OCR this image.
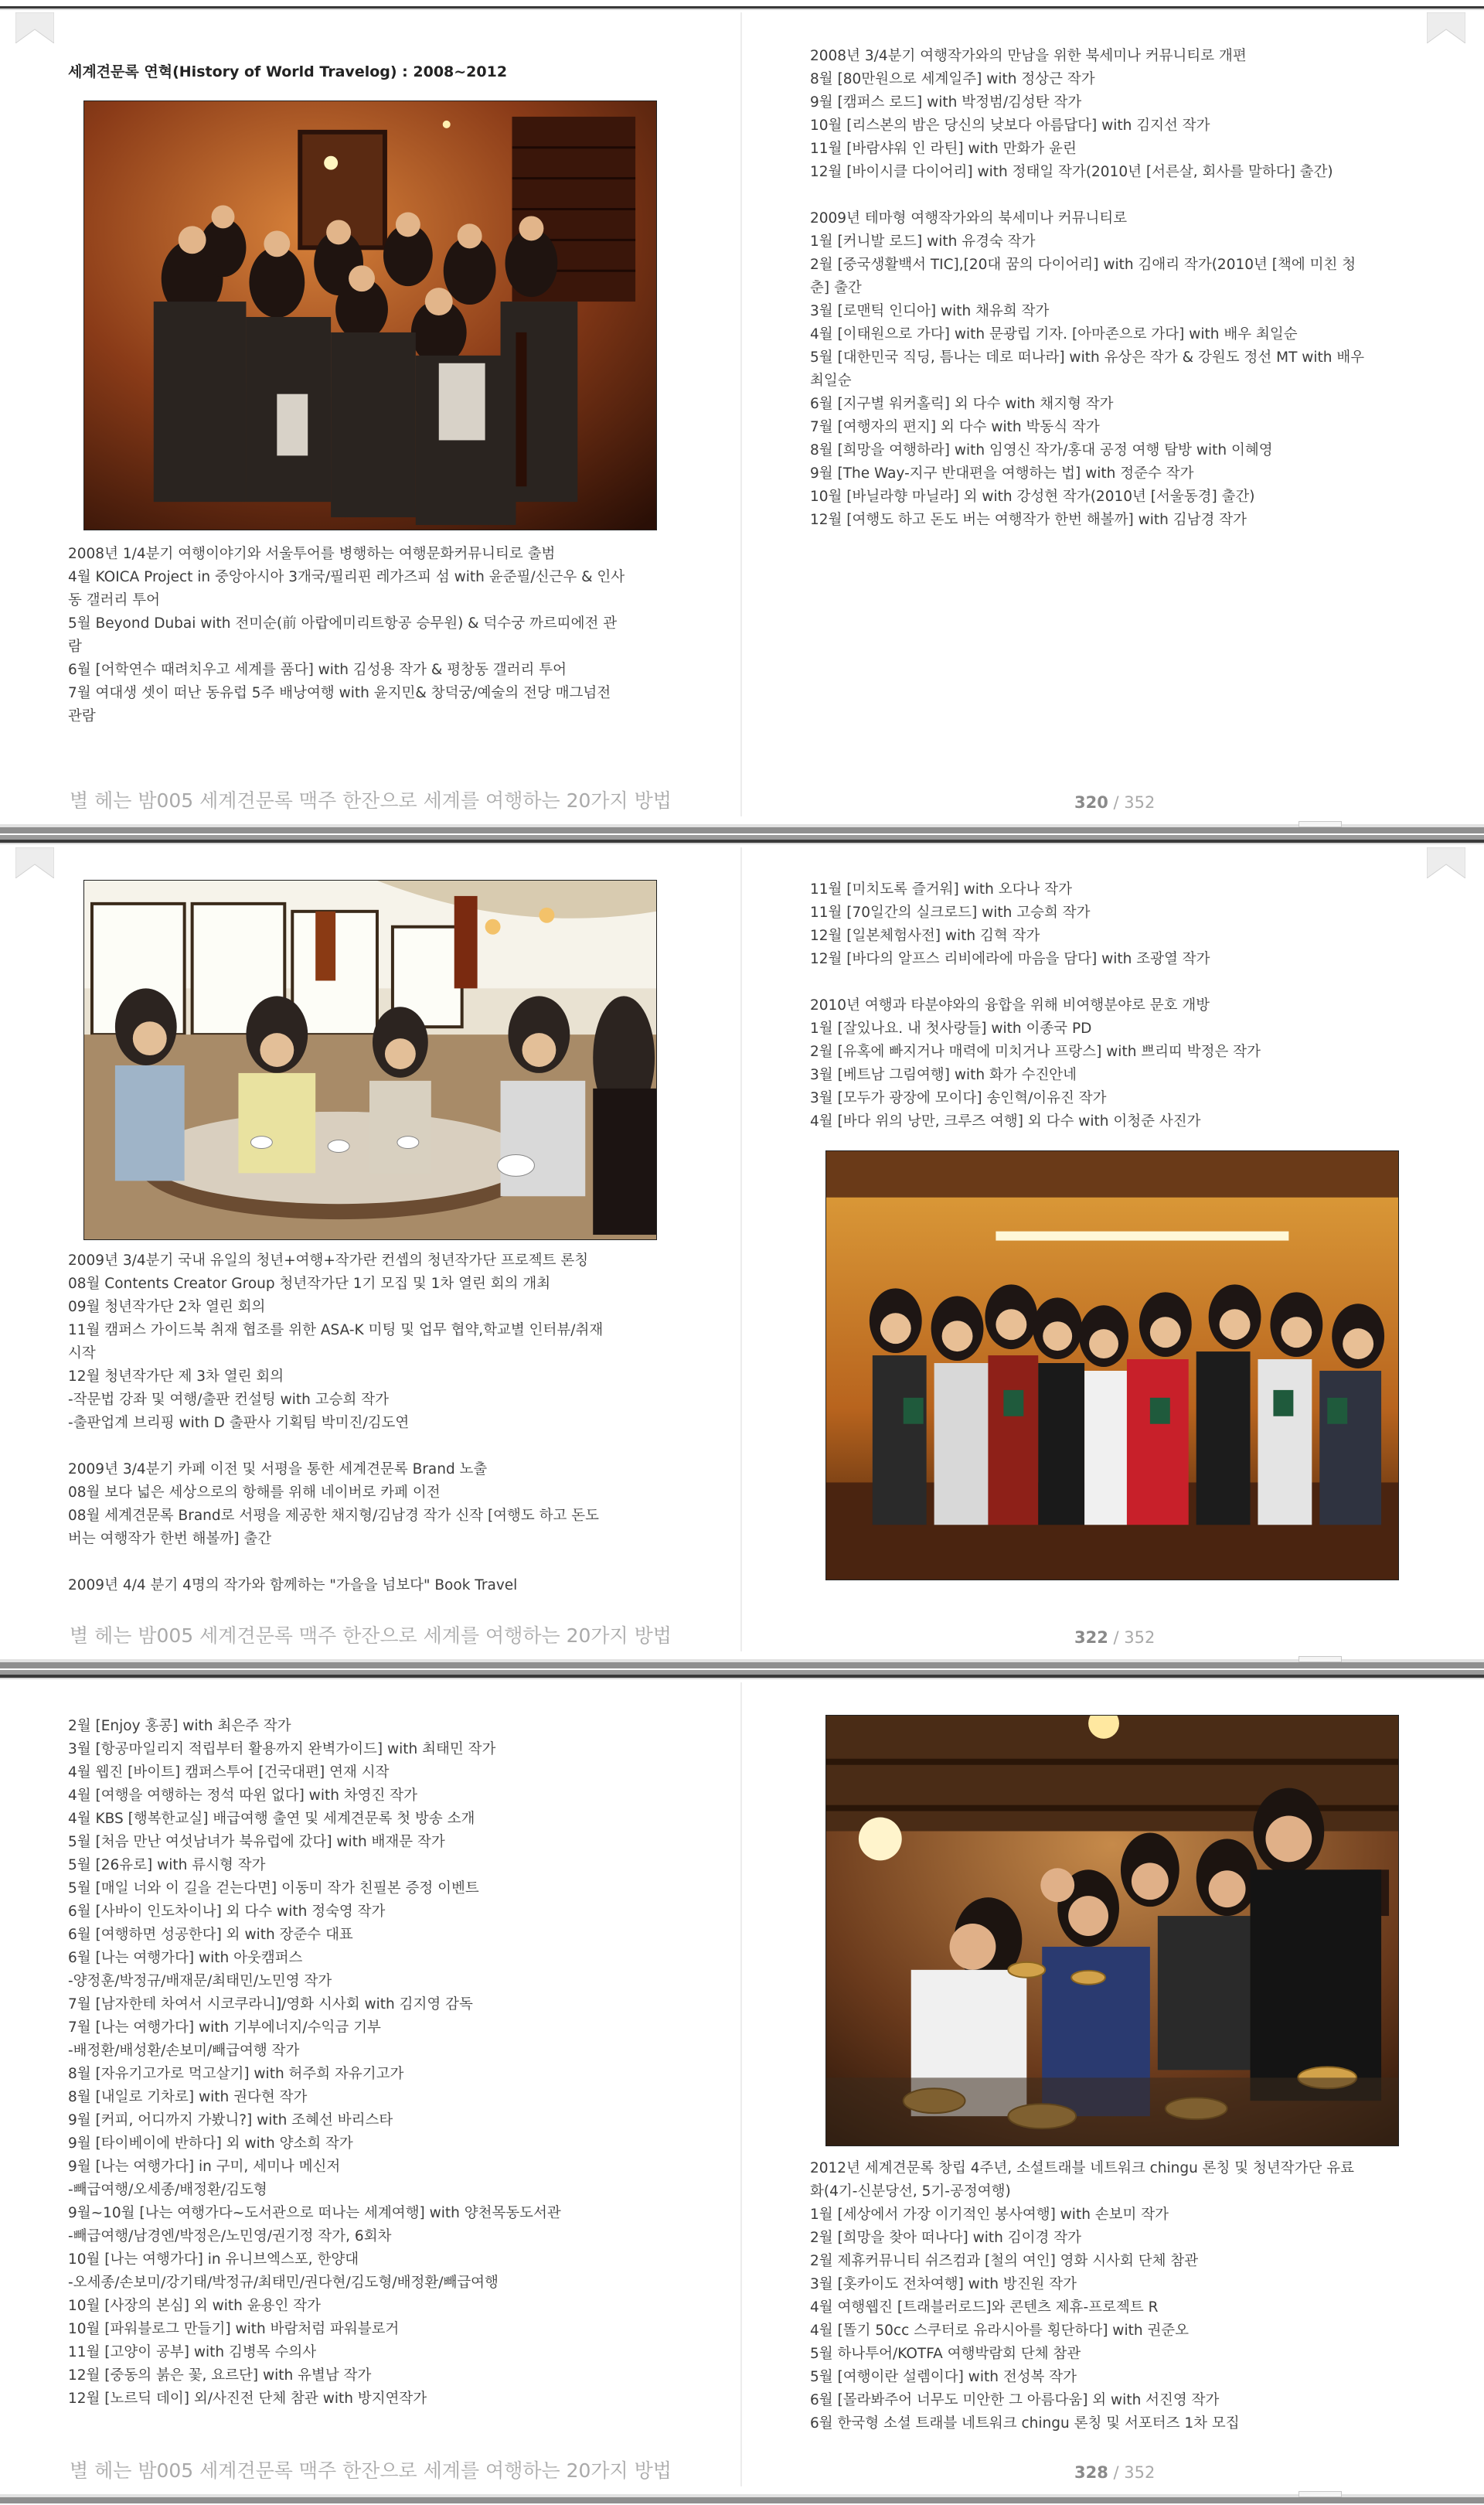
세계견문록 연혁(History of World Travelog) : 2008~2012
2008년 1/4분기 여행이야기와 서울투어를 병행하는 여행문화커뮤니티로 출범
4월 KOICA Project in 중앙아시아 3개국/필리핀 레가즈피 섬 with 윤준필/신근우 & 인사
동 갤러리 투어
5월 Beyond Dubai with 전미순(前 아랍에미리트항공 승무원) & 덕수궁 까르띠에전 관
람
6월 [어학연수 때려치우고 세계를 품다] with 김성용 작가 & 평창동 갤러리 투어
7월 여대생 셋이 떠난 동유럽 5주 배낭여행 with 윤지민& 창덕궁/예술의 전당 매그넘전
관람
2008년 3/4분기 여행작가와의 만남을 위한 북세미나 커뮤니티로 개편
8월 [80만원으로 세계일주] with 정상근 작가
9월 [캠퍼스 로드] with 박정범/김성탄 작가
10월 [리스본의 밤은 당신의 낮보다 아름답다] with 김지선 작가
11월 [바람샤워 인 라틴] with 만화가 윤린
12월 [바이시클 다이어리] with 정태일 작가(2010년 [서른살, 회사를 말하다] 출간)
2009년 테마형 여행작가와의 북세미나 커뮤니티로
1월 [커니발 로드] with 유경숙 작가
2월 [중국생활백서 TIC],[20대 꿈의 다이어리] with 김애리 작가(2010년 [책에 미친 청
춘] 출간
3월 [로맨틱 인디아] with 채유희 작가
4월 [이태원으로 가다] with 문광립 기자. [아마존으로 가다] with 배우 최일순
5월 [대한민국 직딩, 틈나는 데로 떠나라] with 유상은 작가 & 강원도 정선 MT with 배우
최일순
6월 [지구별 워커홀릭] 외 다수 with 채지형 작가
7월 [여행자의 편지] 외 다수 with 박동식 작가
8월 [희망을 여행하라] with 임영신 작가/홍대 공정 여행 탐방 with 이혜영
9월 [The Way-지구 반대편을 여행하는 법] with 정준수 작가
10월 [바닐라향 마닐라] 외 with 강성현 작가(2010년 [서울동경] 출간)
12월 [여행도 하고 돈도 버는 여행작가 한번 해볼까] with 김남경 작가
별 헤는 밤005 세계견문록 맥주 한잔으로 세계를 여행하는 20가지 방법	320 / 352
2009년 3/4분기 국내 유일의 청년+여행+작가란 컨셉의 청년작가단 프로젝트 론칭
08월 Contents Creator Group 청년작가단 1기 모집 및 1차 열린 회의 개최
09월 청년작가단 2차 열린 회의
11월 캠퍼스 가이드북 취재 협조를 위한 ASA-K 미팅 및 업무 협약,학교별 인터뷰/취재
시작
12월 청년작가단 제 3차 열린 회의
-작문법 강좌 및 여행/출판 컨설팅 with 고승희 작가
-출판업계 브리핑 with D 출판사 기획팀 박미진/김도연
2009년 3/4분기 카페 이전 및 서평을 통한 세계견문록 Brand 노출
08월 보다 넓은 세상으로의 항해를 위해 네이버로 카페 이전
08월 세계견문록 Brand로 서평을 제공한 채지형/김남경 작가 신작 [여행도 하고 돈도
버는 여행작가 한번 해볼까] 출간
2009년 4/4 분기 4명의 작가와 함께하는 "가을을 넘보다" Book Travel
11월 [미치도록 즐거워] with 오다나 작가
11월 [70일간의 실크로드] with 고승희 작가
12월 [일본체험사전] with 김혁 작가
12월 [바다의 알프스 리비에라에 마음을 담다] with 조광열 작가
2010년 여행과 타분야와의 융합을 위해 비여행분야로 문호 개방
1월 [잘있나요. 내 첫사랑들] with 이종국 PD
2월 [유혹에 빠지거나 매력에 미치거나 프랑스] with 쁘리띠 박정은 작가
3월 [베트남 그림여행] with 화가 수진안네
3월 [모두가 광장에 모이다] 송인혁/이유진 작가
4월 [바다 위의 낭만, 크루즈 여행] 외 다수 with 이청준 사진가
별 헤는 밤005 세계견문록 맥주 한잔으로 세계를 여행하는 20가지 방법	322 / 352
2월 [Enjoy 홍콩] with 최은주 작가
3월 [항공마일리지 적립부터 활용까지 완벽가이드] with 최태민 작가
4월 웹진 [바이트] 캠퍼스투어 [건국대편] 연재 시작
4월 [여행을 여행하는 정석 따윈 없다] with 차영진 작가
4월 KBS [행복한교실] 배급여행 출연 및 세계견문록 첫 방송 소개
5월 [처음 만난 여섯남녀가 북유럽에 갔다] with 배재문 작가
5월 [26유로] with 류시형 작가
5월 [매일 너와 이 길을 걷는다면] 이동미 작가 친필본 증정 이벤트
6월 [사바이 인도차이나] 외 다수 with 정숙영 작가
6월 [여행하면 성공한다] 외 with 장준수 대표
6월 [나는 여행가다] with 아웃캠퍼스
-양정훈/박정규/배재문/최태민/노민영 작가
7월 [남자한테 차여서 시코쿠라니]/영화 시사회 with 김지영 감독
7월 [나는 여행가다] with 기부에너지/수익금 기부
-배정환/배성환/손보미/빼급여행 작가
8월 [자유기고가로 먹고살기] with 허주희 자유기고가
8월 [내일로 기차로] with 권다현 작가
9월 [커피, 어디까지 가봤니?] with 조혜선 바리스타
9월 [타이베이에 반하다] 외 with 양소희 작가
9월 [나는 여행가다] in 구미, 세미나 메신저
-빼급여행/오세종/배정환/김도형
9월~10월 [나는 여행가다~도서관으로 떠나는 세계여행] with 양천목동도서관
-빼급여행/남경엔/박정은/노민영/권기정 작가, 6회차
10월 [나는 여행가다] in 유니브엑스포, 한양대
-오세종/손보미/강기태/박정규/최태민/권다현/김도형/배정환/빼급여행
10월 [사장의 본심] 외 with 윤용인 작가
10월 [파워블로그 만들기] with 바람처럼 파워블로거
11월 [고양이 공부] with 김병목 수의사
12월 [중동의 붉은 꽃, 요르단] with 유별남 작가
12월 [노르딕 데이] 외/사진전 단체 참관 with 방지연작가
2012년 세계견문록 창립 4주년, 소셜트래블 네트워크 chingu 론칭 및 청년작가단 유료
화(4기-신분당선, 5기-공정여행)
1월 [세상에서 가장 이기적인 봉사여행] with 손보미 작가
2월 [희망을 찾아 떠나다] with 김이경 작가
2월 제휴커뮤니티 쉬즈컴과 [철의 여인] 영화 시사회 단체 참관
3월 [홋카이도 전차여행] with 방진원 작가
4월 여행웹진 [트래블러로드]와 콘텐츠 제휴-프로젝트 R
4월 [똘기 50cc 스쿠터로 유라시아를 횡단하다] with 권준오
5월 하나투어/KOTFA 여행박람회 단체 참관
5월 [여행이란 설렘이다] with 전성복 작가
6월 [몰라봐주어 너무도 미안한 그 아름다움] 외 with 서진영 작가
6월 한국형 소셜 트래블 네트워크 chingu 론칭 및 서포터즈 1차 모집
별 헤는 밤005 세계견문록 맥주 한잔으로 세계를 여행하는 20가지 방법	328 / 352
